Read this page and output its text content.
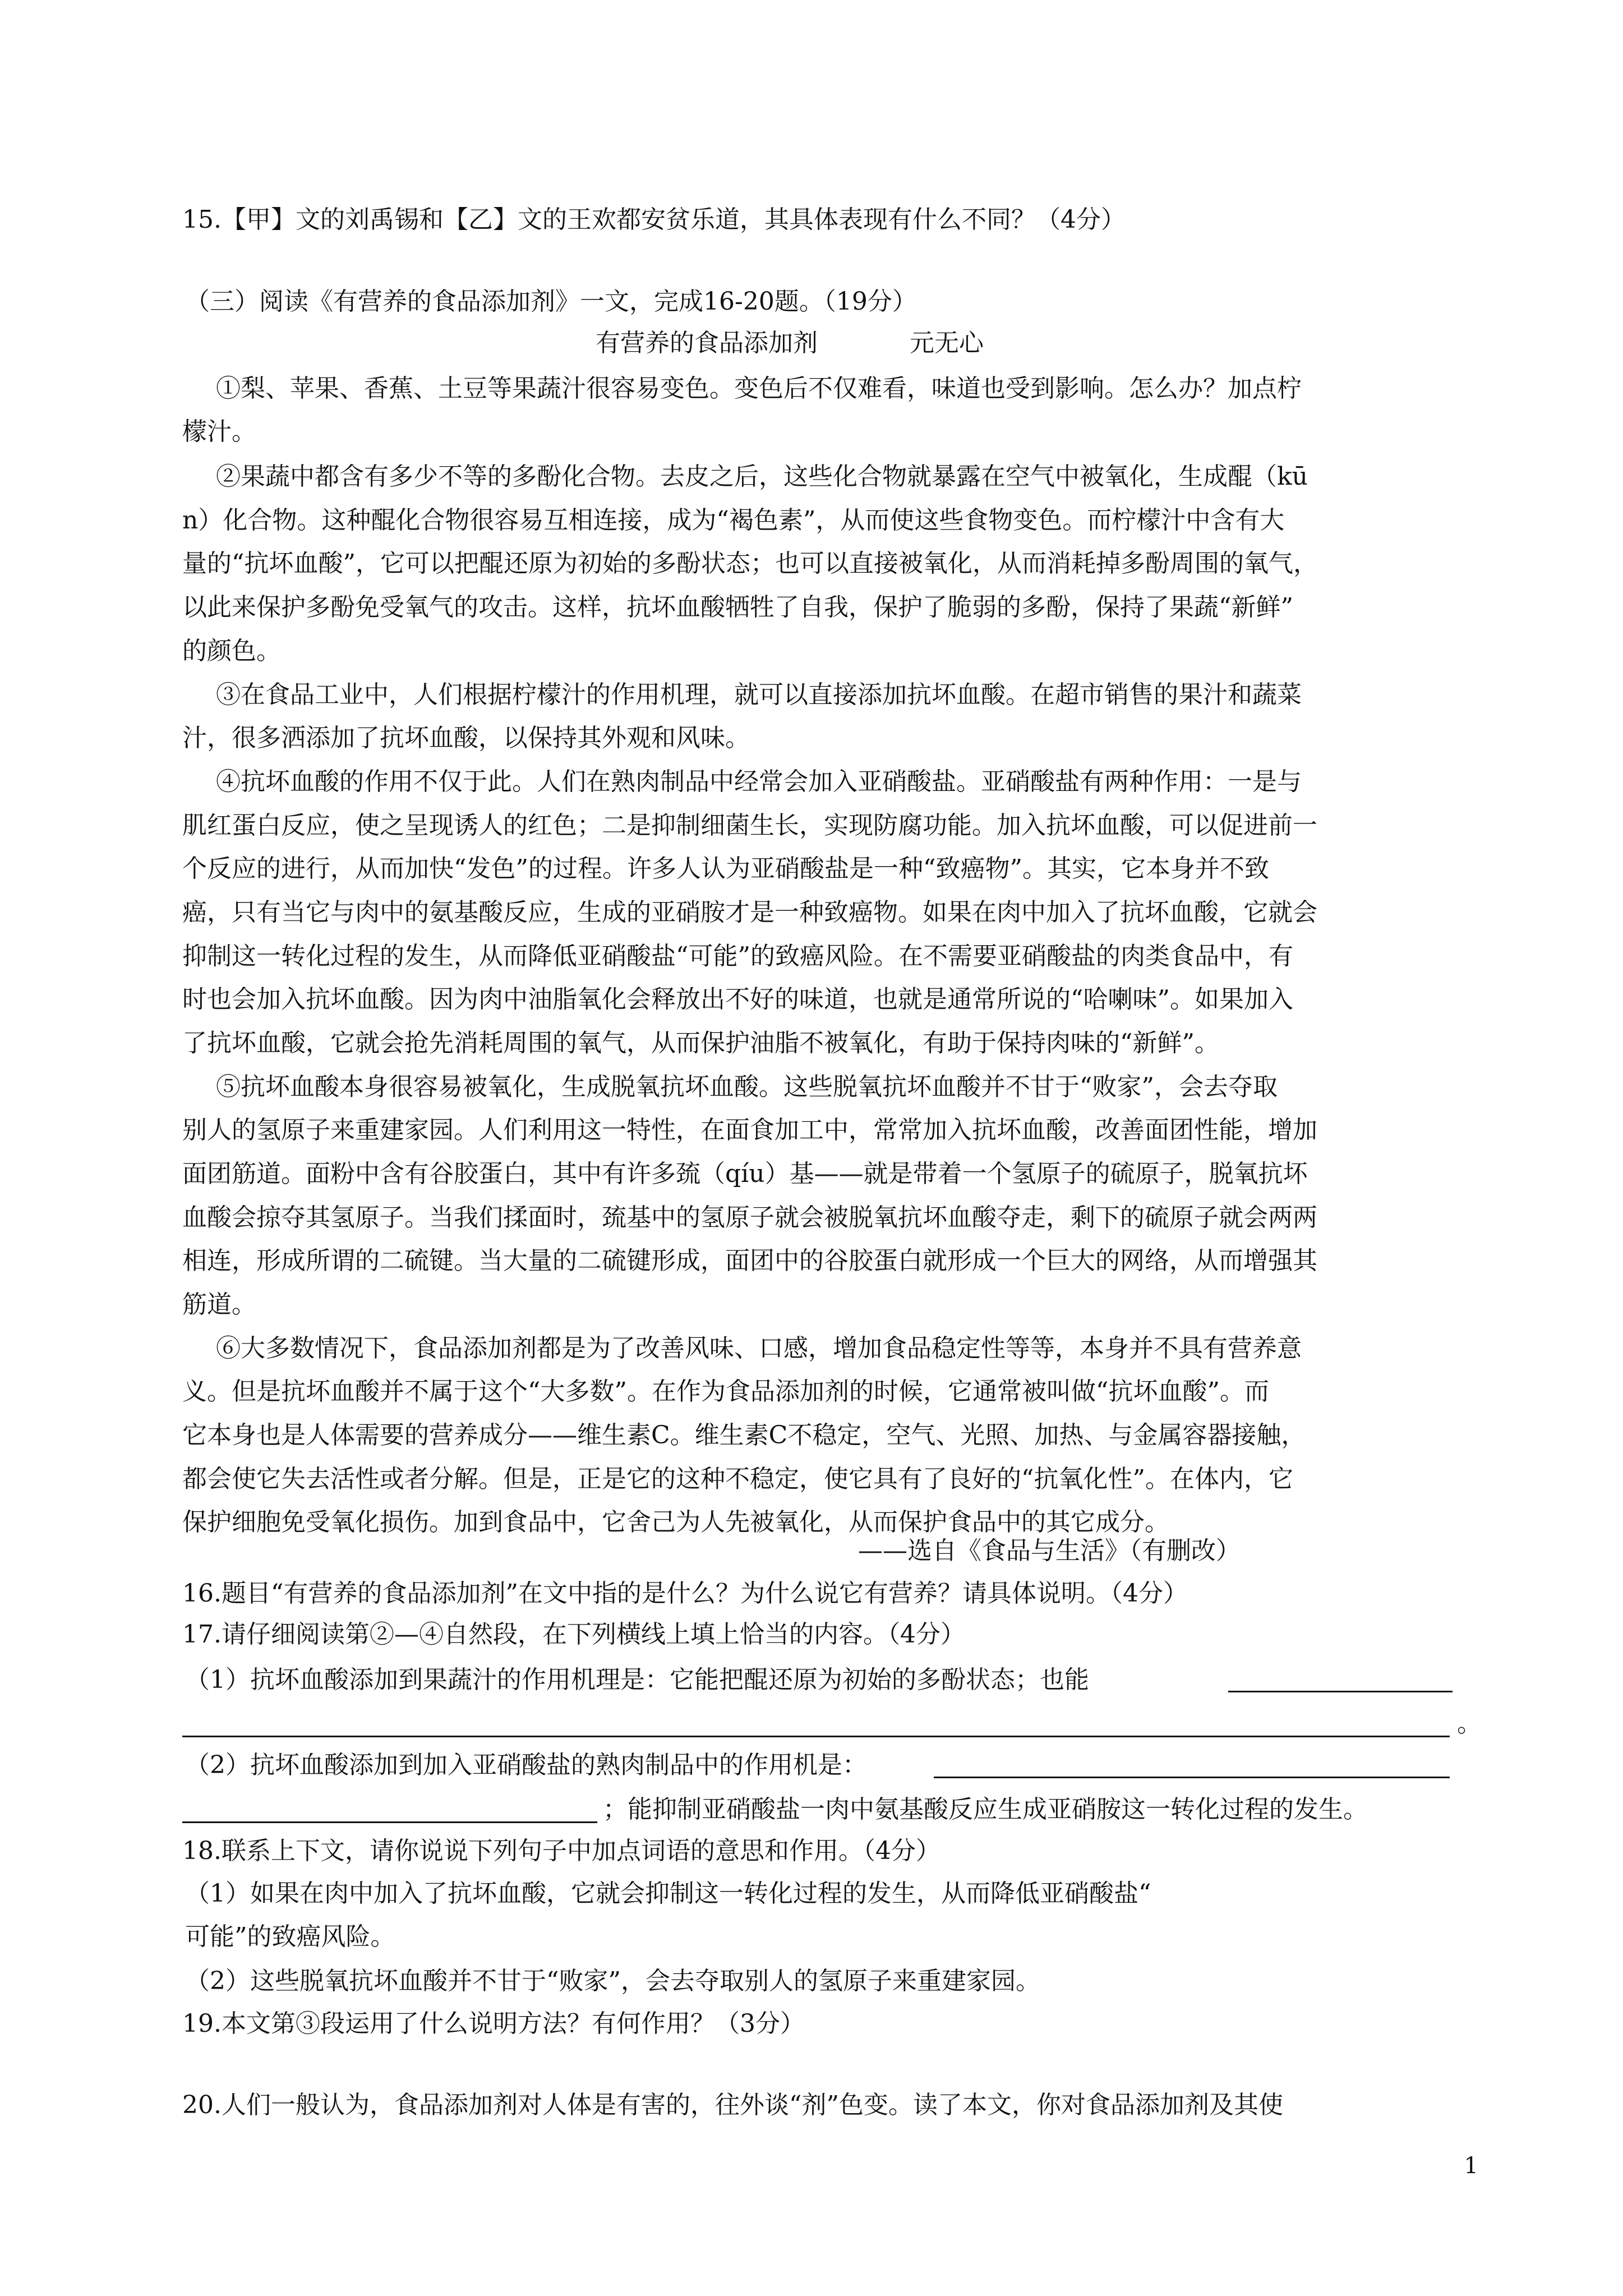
15.【甲】文的刘禹锡和【乙】文的王欢都安贫乐道，其具体表现有什么不同？（4分）
（三）阅读《有营养的食品添加剂》一文，完成16-20题。（19分）
有营养的食品添加剂	元无心
①梨、苹果、香蕉、土豆等果蔬汁很容易变色。变色后不仅难看，味道也受到影响。怎么办？加点柠
檬汁。
②果蔬中都含有多少不等的多酚化合物。去皮之后，这些化合物就暴露在空气中被氧化，生成醌（kū
n）化合物。这种醌化合物很容易互相连接，成为“褐色素”，从而使这些食物变色。而柠檬汁中含有大
量的“抗坏血酸”，它可以把醌还原为初始的多酚状态；也可以直接被氧化，从而消耗掉多酚周围的氧气，
以此来保护多酚免受氧气的攻击。这样，抗坏血酸牺牲了自我，保护了脆弱的多酚，保持了果蔬“新鲜”
的颜色。
③在食品工业中，人们根据柠檬汁的作用机理，就可以直接添加抗坏血酸。在超市销售的果汁和蔬菜
汁，很多洒添加了抗坏血酸，以保持其外观和风味。
④抗坏血酸的作用不仅于此。人们在熟肉制品中经常会加入亚硝酸盐。亚硝酸盐有两种作用：一是与
肌红蛋白反应，使之呈现诱人的红色；二是抑制细菌生长，实现防腐功能。加入抗坏血酸，可以促进前一
个反应的进行，从而加快“发色”的过程。许多人认为亚硝酸盐是一种“致癌物”。其实，它本身并不致
癌，只有当它与肉中的氨基酸反应，生成的亚硝胺才是一种致癌物。如果在肉中加入了抗坏血酸，它就会
抑制这一转化过程的发生，从而降低亚硝酸盐“可能”的致癌风险。在不需要亚硝酸盐的肉类食品中，有
时也会加入抗坏血酸。因为肉中油脂氧化会释放出不好的味道，也就是通常所说的“哈喇味”。如果加入
了抗坏血酸，它就会抢先消耗周围的氧气，从而保护油脂不被氧化，有助于保持肉味的“新鲜”。
⑤抗坏血酸本身很容易被氧化，生成脱氧抗坏血酸。这些脱氧抗坏血酸并不甘于“败家”，会去夺取
别人的氢原子来重建家园。人们利用这一特性，在面食加工中，常常加入抗坏血酸，改善面团性能，增加
面团筋道。面粉中含有谷胶蛋白，其中有许多巯（qíu）基——就是带着一个氢原子的硫原子，脱氧抗坏
血酸会掠夺其氢原子。当我们揉面时，巯基中的氢原子就会被脱氧抗坏血酸夺走，剩下的硫原子就会两两
相连，形成所谓的二硫键。当大量的二硫键形成，面团中的谷胶蛋白就形成一个巨大的网络，从而增强其
筋道。
⑥大多数情况下，食品添加剂都是为了改善风味、口感，增加食品稳定性等等，本身并不具有营养意
义。但是抗坏血酸并不属于这个“大多数”。在作为食品添加剂的时候，它通常被叫做“抗坏血酸”。而
它本身也是人体需要的营养成分——维生素C。维生素C不稳定，空气、光照、加热、与金属容器接触，
都会使它失去活性或者分解。但是，正是它的这种不稳定，使它具有了良好的“抗氧化性”。在体内，它
保护细胞免受氧化损伤。加到食品中，它舍己为人先被氧化，从而保护食品中的其它成分。
——选自《食品与生活》（有删改）
16.题目“有营养的食品添加剂”在文中指的是什么？为什么说它有营养？请具体说明。（4分）
17.请仔细阅读第②—④自然段，在下列横线上填上恰当的内容。（4分）
（1）抗坏血酸添加到果蔬汁的作用机理是：它能把醌还原为初始的多酚状态；也能
。
（2）抗坏血酸添加到加入亚硝酸盐的熟肉制品中的作用机是：
；能抑制亚硝酸盐一肉中氨基酸反应生成亚硝胺这一转化过程的发生。
18.联系上下文，请你说说下列句子中加点词语的意思和作用。（4分）
（1）如果在肉中加入了抗坏血酸，它就会抑制这一转化过程的发生，从而降低亚硝酸盐“
可能”的致癌风险。
（2）这些脱氧抗坏血酸并不甘于“败家”，会去夺取别人的氢原子来重建家园。
19.本文第③段运用了什么说明方法？有何作用？（3分）
20.人们一般认为，食品添加剂对人体是有害的，往外谈“剂”色变。读了本文，你对食品添加剂及其使
1
